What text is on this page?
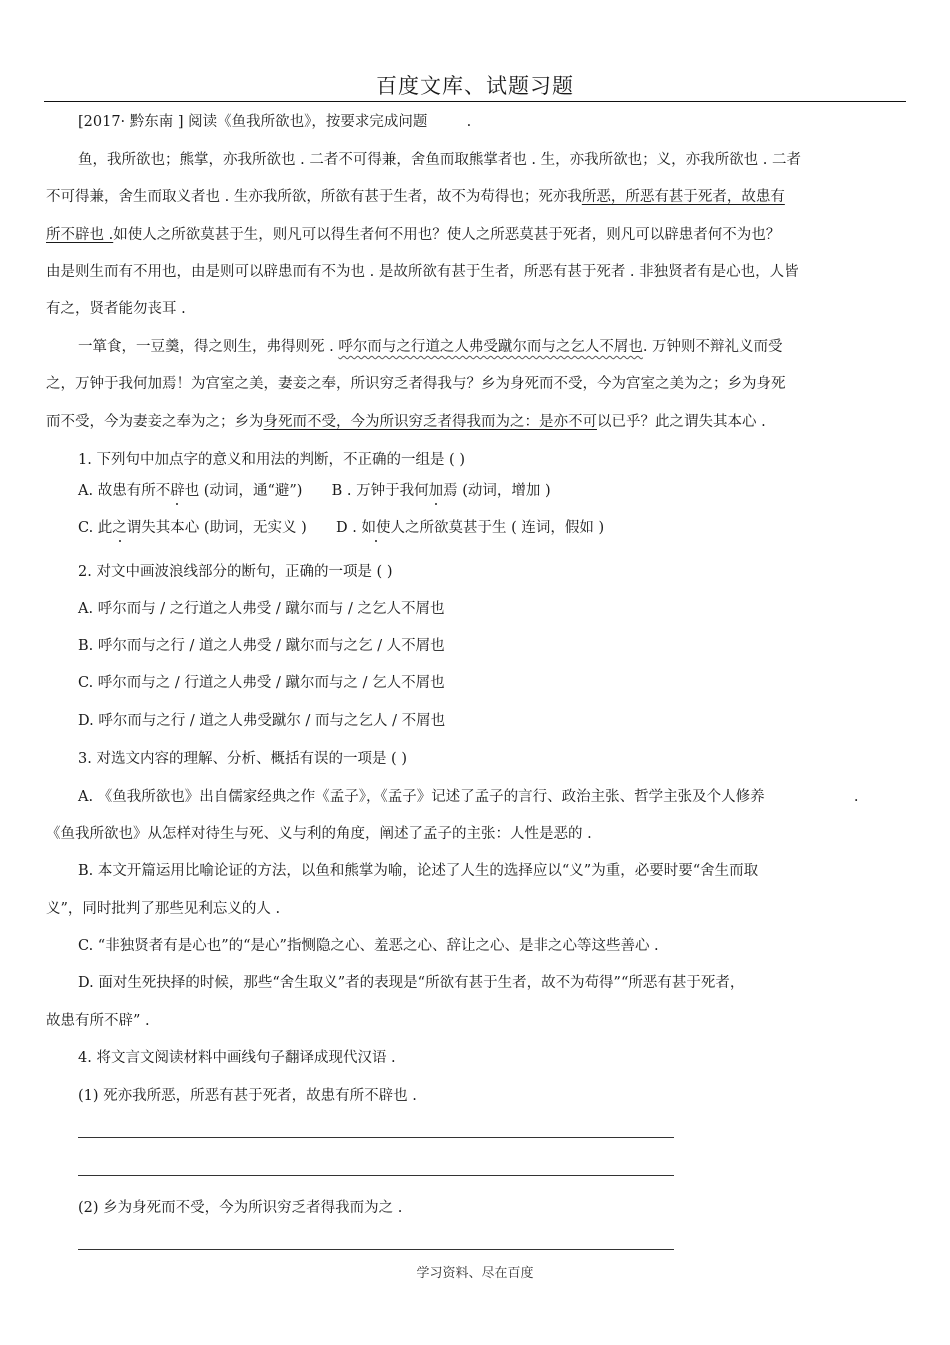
百度文库、试题习题
[2017· 黔东南 ] 阅读《鱼我所欲也》，按要求完成问题	.
鱼，我所欲也；熊掌，亦我所欲也 . 二者不可得兼，舍鱼而取熊掌者也 . 生，亦我所欲也；义，亦我所欲也 . 二者
不可得兼，舍生而取义者也 . 生亦我所欲，所欲有甚于生者，故不为苟得也；死亦我所恶，所恶有甚于死者，故患有
所不辟也 .如使人之所欲莫甚于生，则凡可以得生者何不用也？使人之所恶莫甚于死者，则凡可以辟患者何不为也？
由是则生而有不用也，由是则可以辟患而有不为也 . 是故所欲有甚于生者，所恶有甚于死者 . 非独贤者有是心也，人皆
有之，贤者能勿丧耳 .
一箪食，一豆羹，得之则生，弗得则死 . 呼尔而与之行道之人弗受蹴尔而与之乞人不屑也. 万钟则不辩礼义而受
之，万钟于我何加焉！为宫室之美，妻妾之奉，所识穷乏者得我与？乡为身死而不受，今为宫室之美为之；乡为身死
而不受，今为妻妾之奉为之；乡为身死而不受，今为所识穷乏者得我而为之：是亦不可以已乎？此之谓失其本心 .
1. 下列句中加点字的意义和用法的判断，不正确的一组是 ( )
A. 故患有所不辟也 (动词，通“避”) B . 万钟于我何加焉 (动词，增加 )
C. 此之谓失其本心 (助词，无实义 ) D . 如使人之所欲莫甚于生 ( 连词，假如 )
2. 对文中画波浪线部分的断句，正确的一项是 ( )
A. 呼尔而与 / 之行道之人弗受 / 蹴尔而与 / 之乞人不屑也
B. 呼尔而与之行 / 道之人弗受 / 蹴尔而与之乞 / 人不屑也
C. 呼尔而与之 / 行道之人弗受 / 蹴尔而与之 / 乞人不屑也
D. 呼尔而与之行 / 道之人弗受蹴尔 / 而与之乞人 / 不屑也
3. 对选文内容的理解、分析、概括有误的一项是 ( )
A. 《鱼我所欲也》出自儒家经典之作《孟子》，《孟子》记述了孟子的言行、政治主张、哲学主张及个人修养	.
《鱼我所欲也》从怎样对待生与死、义与利的角度，阐述了孟子的主张：人性是恶的 .
B. 本文开篇运用比喻论证的方法，以鱼和熊掌为喻，论述了人生的选择应以“义”为重，必要时要“舍生而取
义”，同时批判了那些见利忘义的人 .
C. “非独贤者有是心也”的“是心”指恻隐之心、羞恶之心、辞让之心、是非之心等这些善心 .
D. 面对生死抉择的时候，那些“舍生取义”者的表现是“所欲有甚于生者，故不为苟得”“所恶有甚于死者，
故患有所不辟” .
4. 将文言文阅读材料中画线句子翻译成现代汉语 .
(1) 死亦我所恶，所恶有甚于死者，故患有所不辟也 .
(2) 乡为身死而不受，今为所识穷乏者得我而为之 .
学习资料、尽在百度
